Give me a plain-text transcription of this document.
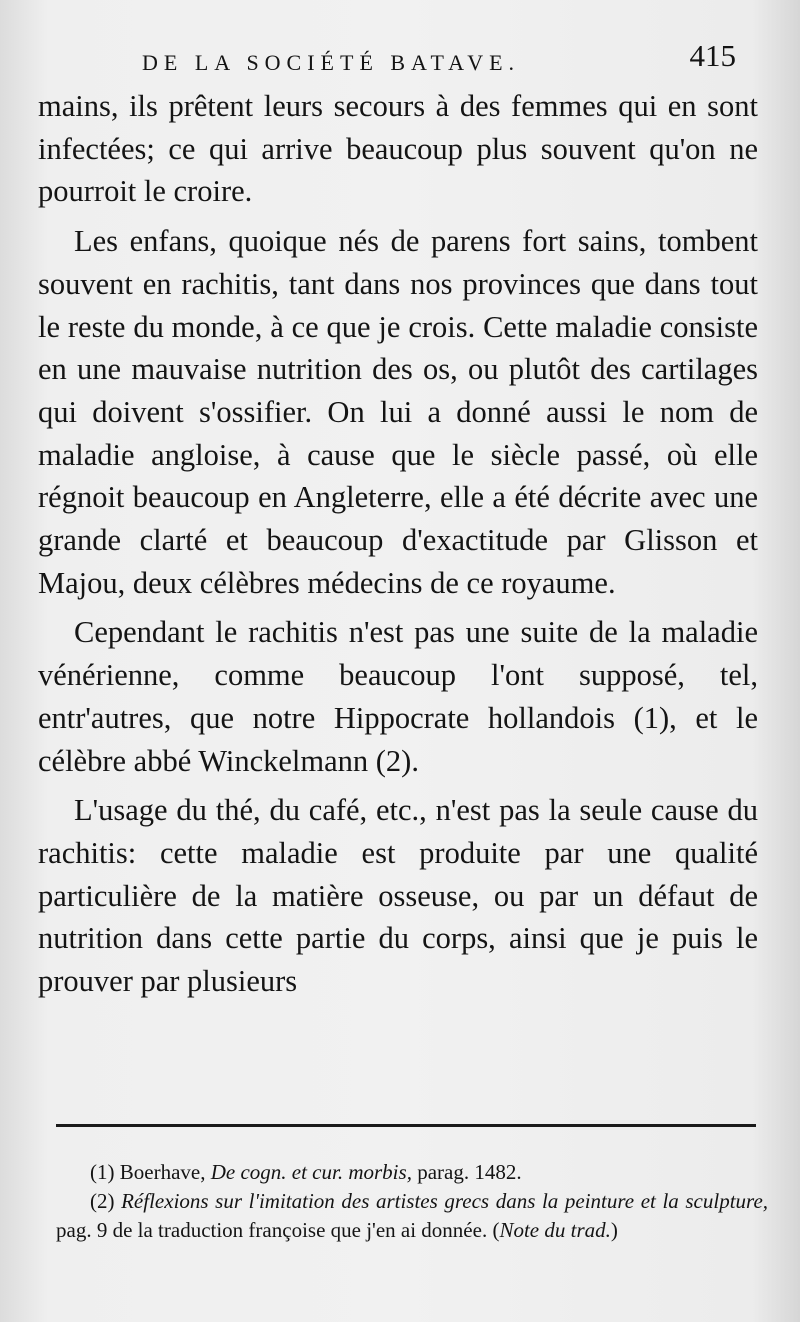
DE LA SOCIÉTÉ BATAVE.	415

mains, ils prêtent leurs secours à des femmes qui en sont infectées; ce qui arrive beaucoup plus souvent qu'on ne pourroit le croire.

Les enfans, quoique nés de parens fort sains, tombent souvent en rachitis, tant dans nos provinces que dans tout le reste du monde, à ce que je crois. Cette maladie consiste en une mauvaise nutrition des os, ou plutôt des cartilages qui doivent s'ossifier. On lui a donné aussi le nom de maladie angloise, à cause que le siècle passé, où elle régnoit beaucoup en Angleterre, elle a été décrite avec une grande clarté et beaucoup d'exactitude par Glisson et Majou, deux célèbres médecins de ce royaume.

Cependant le rachitis n'est pas une suite de la maladie vénérienne, comme beaucoup l'ont supposé, tel, entr'autres, que notre Hippocrate hollandois (1), et le célèbre abbé Winckelmann (2).

L'usage du thé, du café, etc., n'est pas la seule cause du rachitis: cette maladie est produite par une qualité particulière de la matière osseuse, ou par un défaut de nutrition dans cette partie du corps, ainsi que je puis le prouver par plusieurs

(1) Boerhave, De cogn. et cur. morbis, parag. 1482.

(2) Réflexions sur l'imitation des artistes grecs dans la peinture et la sculpture, pag. 9 de la traduction françoise que j'en ai donnée. (Note du trad.)
